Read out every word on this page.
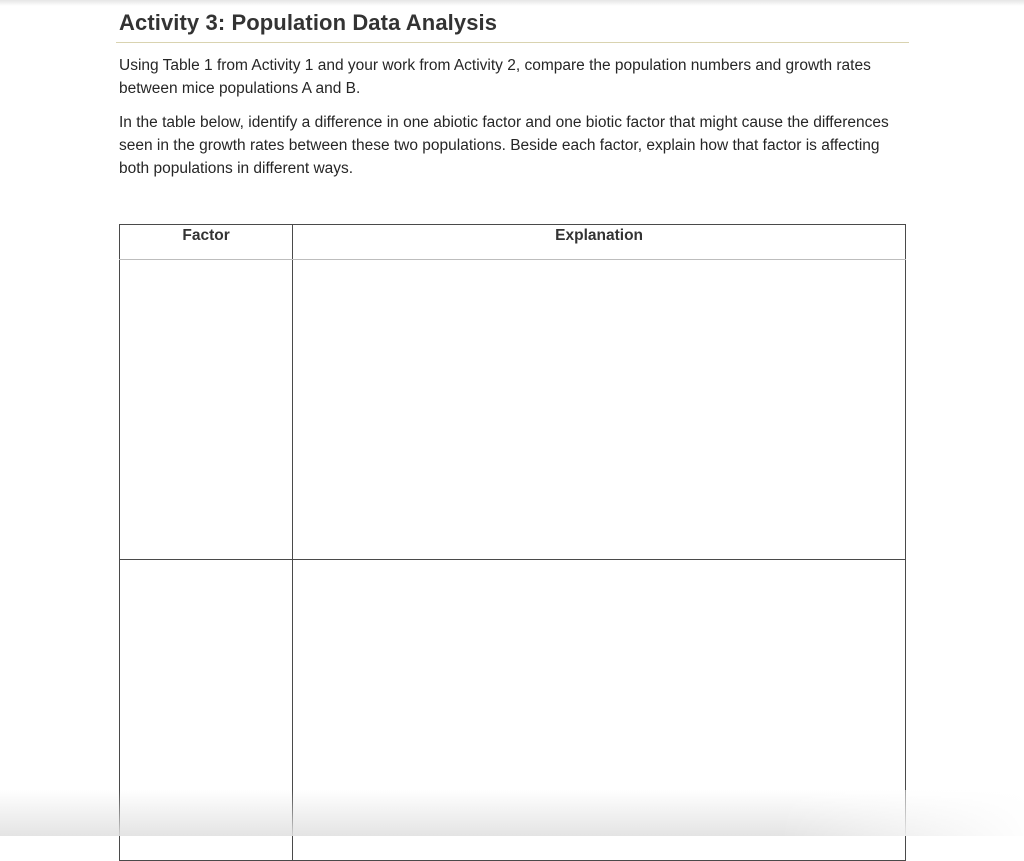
Activity 3: Population Data Analysis

Using Table 1 from Activity 1 and your work from Activity 2, compare the population numbers and growth rates between mice populations A and B.

In the table below, identify a difference in one abiotic factor and one biotic factor that might cause the differences seen in the growth rates between these two populations. Beside each factor, explain how that factor is affecting both populations in different ways.

Factor	Explanation
